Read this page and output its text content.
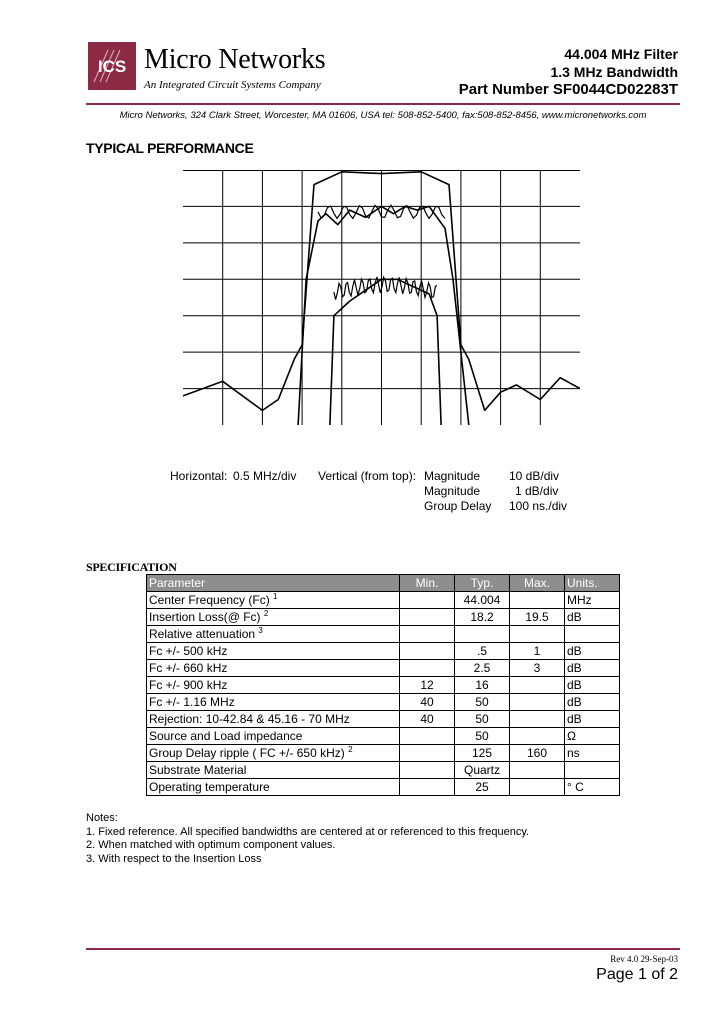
ICS Micro Networks
An Integrated Circuit Systems Company
44.004 MHz Filter
1.3 MHz Bandwidth
Part Number SF0044CD02283T
Micro Networks, 324 Clark Street, Worcester, MA 01606, USA tel: 508-852-5400, fax:508-852-8456, www.micronetworks.com
TYPICAL PERFORMANCE
Horizontal: 0.5 MHz/div Vertical (from top): Magnitude 10 dB/div
Magnitude	1 dB/div
Group Delay 100 ns./div
SPECIFICATION
Parameter	Min.	Typ.	Max.	Units.
Center Frequency (Fc) $^1$		44.004		MHz
Insertion Loss(@ Fc) $^2$		18.2	19.5	dB
Relative attenuation $^3$				
Fc +/- 500 kHz		.5	1	dB
Fc +/- 660 kHz		2.5	3	dB
Fc +/- 900 kHz	12	16		dB
Fc +/- 1.16 MHz	40	50		dB
Rejection: 10-42.84 & 45.16 - 70 MHz	40	50		dB
Source and Load impedance		50		Ω
Group Delay ripple ( FC +/- 650 kHz) $^2$		125	160	ns
Substrate Material		Quartz		
Operating temperature		25		° C
Notes:
1. Fixed reference. All specified bandwidths are centered at or referenced to this frequency.
2. When matched with optimum component values.
3. With respect to the Insertion Loss
Rev 4.0 29-Sep-03
Page 1 of 2
